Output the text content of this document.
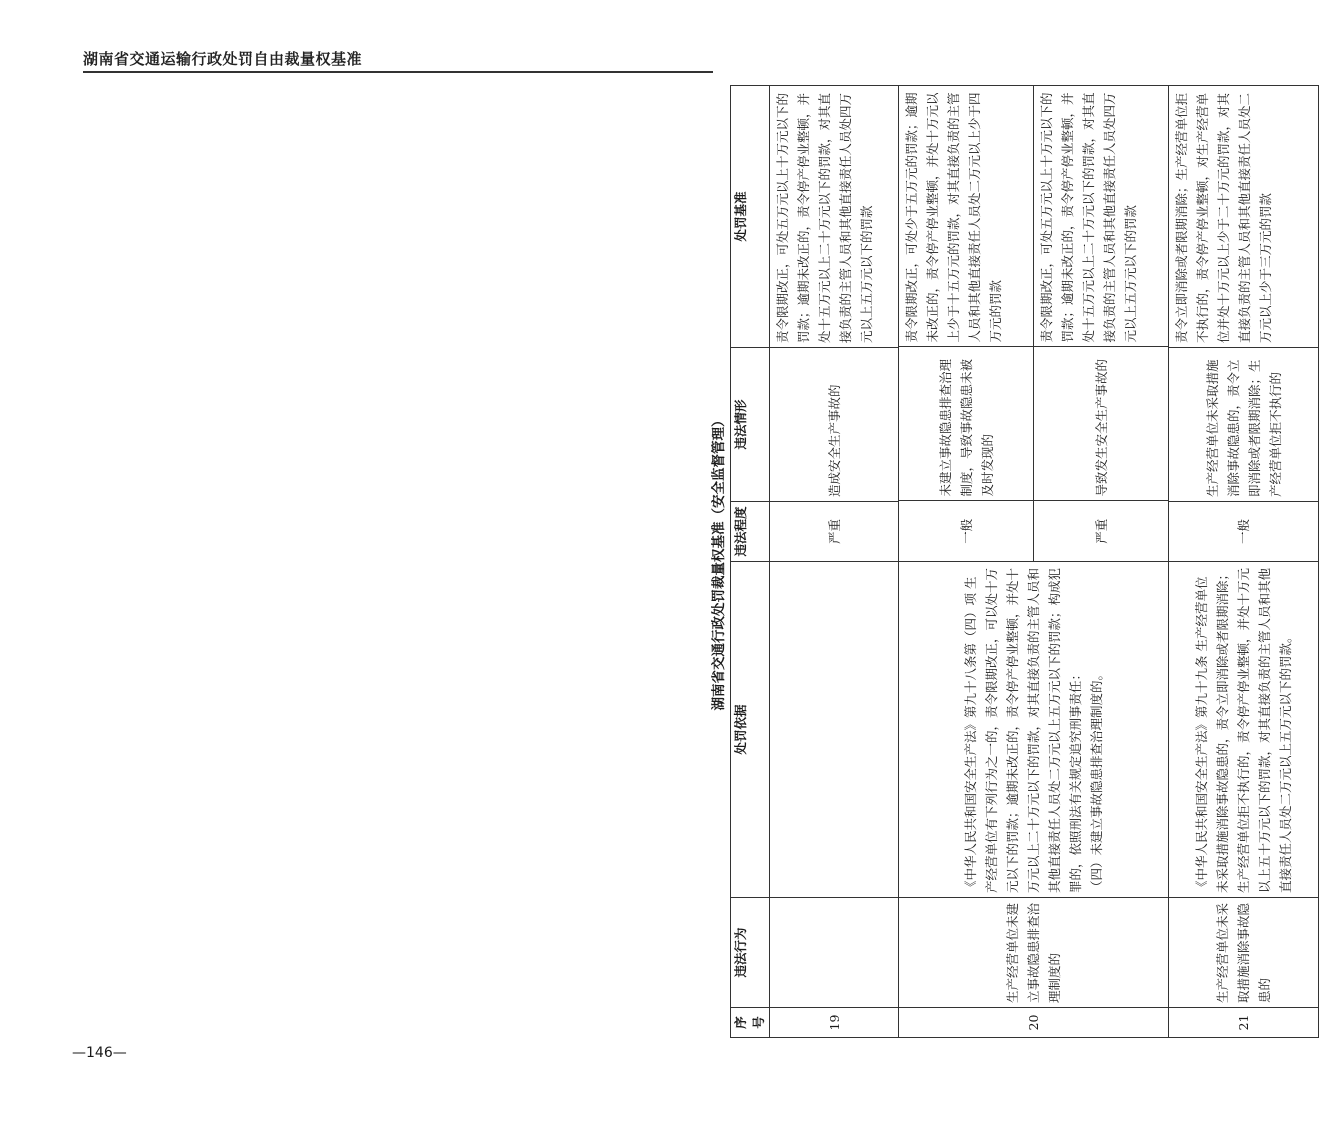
湖南省交通运输行政处罚自由裁量权基准
湖南省交通行政处罚裁量权基准（安全监督管理）
序号	违法行为	处罚依据	违法程度	违法情形	处罚基准
19			严重	造成安全生产事故的	责令限期改正，可处五万元以上十万元以下的罚款；逾期未改正的，责令停产停业整顿，并处十五万元以上二十万元以下的罚款，对其直接负责的主管人员和其他直接责任人员处四万元以上五万元以下的罚款
20	生产经营单位未建立事故隐患排查治理制度的	《中华人民共和国安全生产法》第九十八条第（四）项 生产经营单位有下列行为之一的，责令限期改正，可以处十万元以下的罚款；逾期未改正的，责令停产停业整顿，并处十万元以上二十万元以下的罚款，对其直接负责的主管人员和其他直接责任人员处二万元以上五万元以下的罚款；构成犯罪的，依照刑法有关规定追究刑事责任：
（四）未建立事故隐患排查治理制度的。	
一般	未建立事故隐患排查治理制度，导致事故隐患未被及时发现的	责令限期改正，可处少于五万元的罚款；逾期未改正的，责令停产停业整顿，并处十万元以上少于十五万元的罚款，对其直接负责的主管人员和其他直接责任人员处二万元以上少于四万元的罚款
严重	导致发生安全生产事故的	责令限期改正，可处五万元以上十万元以下的罚款；逾期未改正的，责令停产停业整顿，并处十五万元以上二十万元以下的罚款，对其直接负责的主管人员和其他直接责任人员处四万元以上五万元以下的罚款

21	生产经营单位未采取措施消除事故隐患的	《中华人民共和国安全生产法》第九十九条 生产经营单位未采取措施消除事故隐患的，责令立即消除或者限期消除；生产经营单位拒不执行的，责令停产停业整顿，并处十万元以上五十万元以下的罚款，对其直接负责的主管人员和其他直接责任人员处二万元以上五万元以下的罚款。	一般	生产经营单位未采取措施消除事故隐患的，责令立即消除或者限期消除；生产经营单位拒不执行的	责令立即消除或者限期消除；生产经营单位拒不执行的，责令停产停业整顿，对生产经营单位并处十万元以上少于二十万元的罚款，对其直接负责的主管人员和其他直接责任人员处二万元以上少于三万元的罚款
—146—
